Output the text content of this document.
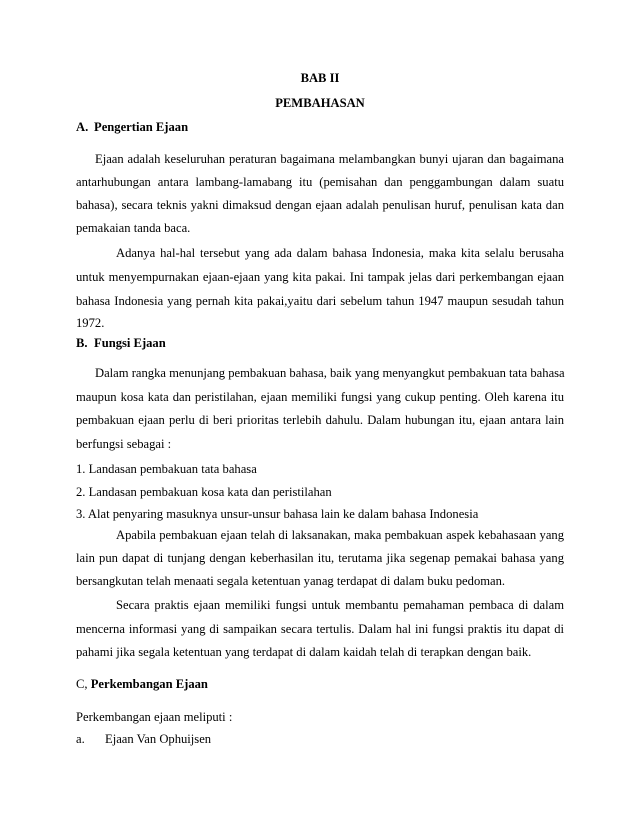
BAB II
PEMBAHASAN
A. Pengertian Ejaan
Ejaan adalah keseluruhan peraturan bagaimana melambangkan bunyi ujaran dan bagaimana
antarhubungan antara lambang-lamabang itu (pemisahan dan penggambungan dalam suatu
bahasa), secara teknis yakni dimaksud dengan ejaan adalah penulisan huruf, penulisan kata dan
pemakaian tanda baca.
Adanya hal-hal tersebut yang ada dalam bahasa Indonesia, maka kita selalu berusaha
untuk menyempurnakan ejaan-ejaan yang kita pakai. Ini tampak jelas dari perkembangan ejaan
bahasa Indonesia yang pernah kita pakai,yaitu dari sebelum tahun 1947 maupun sesudah tahun
1972.
B. Fungsi Ejaan
Dalam rangka menunjang pembakuan bahasa, baik yang menyangkut pembakuan tata bahasa
maupun kosa kata dan peristilahan, ejaan memiliki fungsi yang cukup penting. Oleh karena itu
pembakuan ejaan perlu di beri prioritas terlebih dahulu. Dalam hubungan itu, ejaan antara lain
berfungsi sebagai :
1. Landasan pembakuan tata bahasa
2. Landasan pembakuan kosa kata dan peristilahan
3. Alat penyaring masuknya unsur-unsur bahasa lain ke dalam bahasa Indonesia
Apabila pembakuan ejaan telah di laksanakan, maka pembakuan aspek kebahasaan yang
lain pun dapat di tunjang dengan keberhasilan itu, terutama jika segenap pemakai bahasa yang
bersangkutan telah menaati segala ketentuan yanag terdapat di dalam buku pedoman.
Secara praktis ejaan memiliki fungsi untuk membantu pemahaman pembaca di dalam
mencerna informasi yang di sampaikan secara tertulis. Dalam hal ini fungsi praktis itu dapat di
pahami jika segala ketentuan yang terdapat di dalam kaidah telah di terapkan dengan baik.
C, Perkembangan Ejaan
Perkembangan ejaan meliputi :
a. Ejaan Van Ophuijsen
